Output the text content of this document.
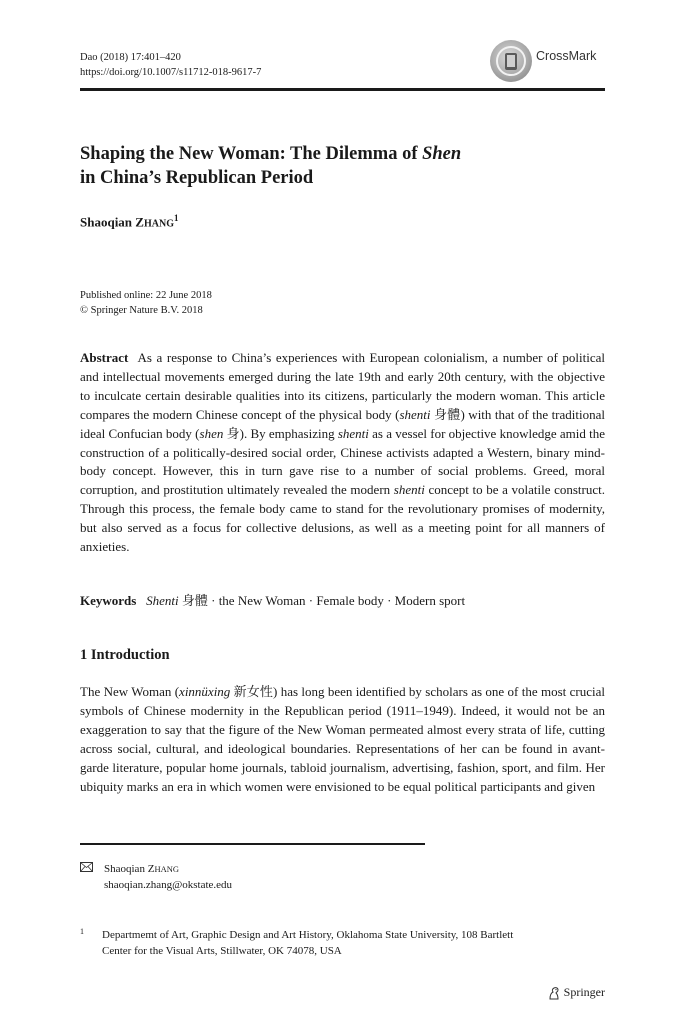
Dao (2018) 17:401–420
https://doi.org/10.1007/s11712-018-9617-7
CrossMark
Shaping the New Woman: The Dilemma of Shen
in China’s Republican Period
Shaoqian ZHANG$^1$
Published online: 22 June 2018
© Springer Nature B.V. 2018
Abstract As a response to China’s experiences with European colonialism, a number of political and intellectual movements emerged during the late 19th and early 20th century, with the objective to inculcate certain desirable qualities into its citizens, particularly the modern woman. This article compares the modern Chinese concept of the physical body (shenti 身體) with that of the traditional ideal Confucian body (shen 身). By emphasizing shenti as a vessel for objective knowledge amid the construction of a politically-desired social order, Chinese activists adapted a Western, binary mind-body concept. However, this in turn gave rise to a number of social problems. Greed, moral corruption, and prostitution ultimately revealed the modern shenti concept to be a volatile construct. Through this process, the female body came to stand for the revolutionary promises of modernity, but also served as a focus for collective delusions, as well as a meeting point for all manners of anxieties.
Keywords Shenti 身體 · the New Woman · Female body · Modern sport
1 Introduction
The New Woman (xinnüxing 新女性) has long been identified by scholars as one of the most crucial symbols of Chinese modernity in the Republican period (1911–1949). Indeed, it would not be an exaggeration to say that the figure of the New Woman permeated almost every strata of life, cutting across social, cultural, and ideological boundaries. Representations of her can be found in avant-garde literature, popular home journals, tabloid journalism, advertising, fashion, sport, and film. Her ubiquity marks an era in which women were envisioned to be equal political participants and given
Shaoqian ZHANG
shaoqian.zhang@okstate.edu
1 Departmemt of Art, Graphic Design and Art History, Oklahoma State University, 108 Bartlett
Center for the Visual Arts, Stillwater, OK 74078, USA
Springer
